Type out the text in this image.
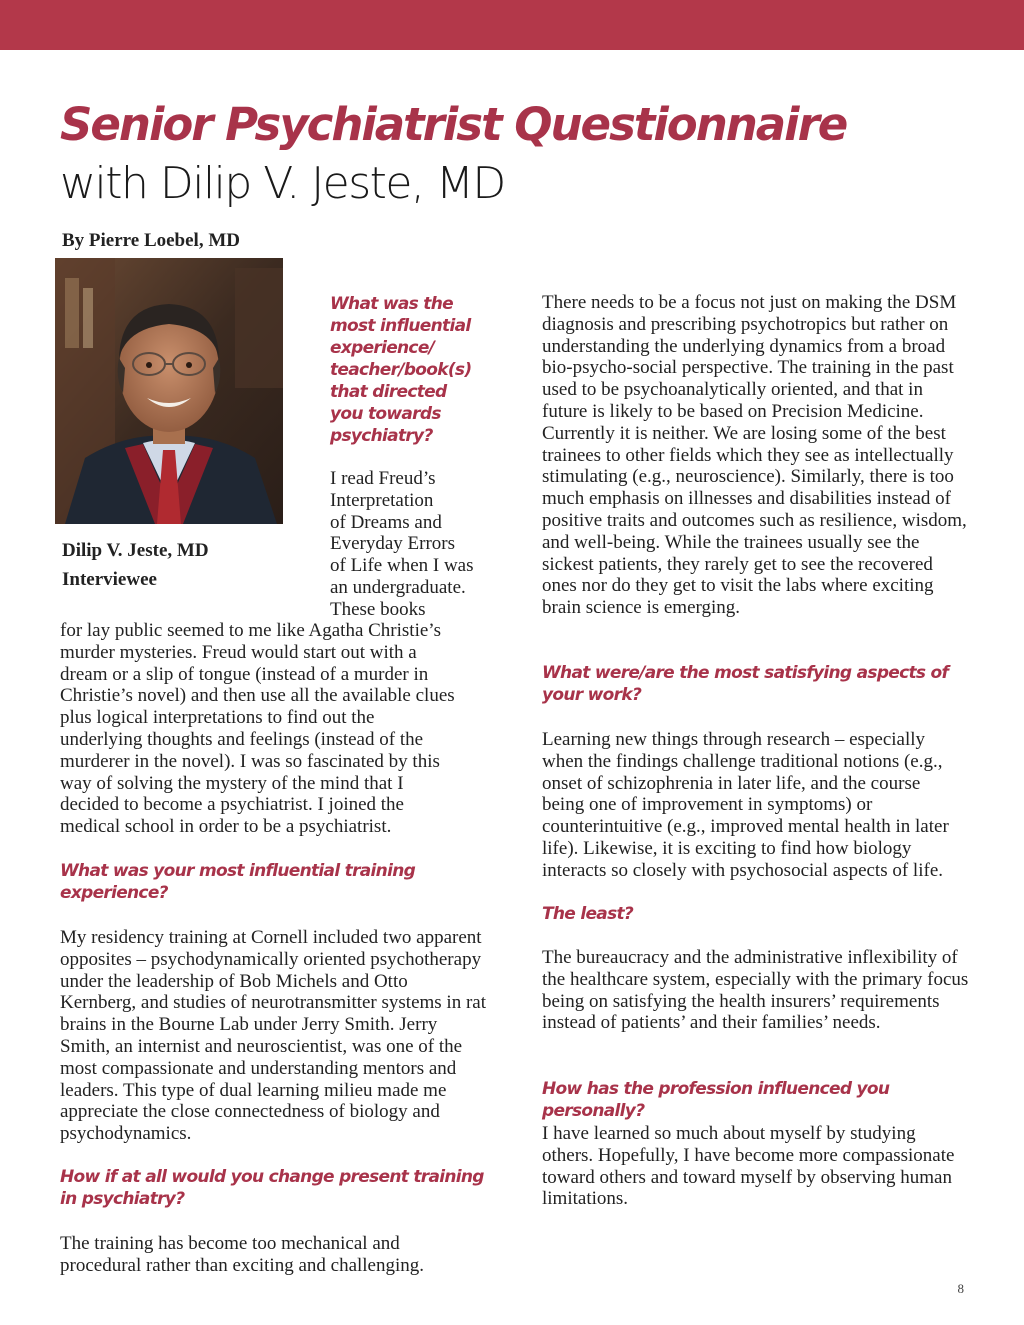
Senior Psychiatrist Questionnaire
with Dilip V. Jeste, MD

By Pierre Loebel, MD

Dilip V. Jeste, MD

Interviewee

What was the

most influential

experience/

teacher/book(s)

that directed

you towards

psychiatry?

I read Freud’s

Interpretation

of Dreams and

Everyday Errors

of Life when I was

an undergraduate.

These books

for lay public seemed to me like Agatha Christie’s murder mysteries. Freud would start out with a dream or a slip of tongue (instead of a murder in Christie’s novel) and then use all the available clues plus logical interpretations to find out the underlying thoughts and feelings (instead of the murderer in the novel). I was so fascinated by this way of solving the mystery of the mind that I decided to become a psychiatrist. I joined the medical school in order to be a psychiatrist.

What was your most influential training experience?

My residency training at Cornell included two apparent opposites – psychodynamically oriented psychotherapy under the leadership of Bob Michels and Otto Kernberg, and studies of neurotransmitter systems in rat brains in the Bourne Lab under Jerry Smith. Jerry Smith, an internist and neuroscientist, was one of the most compassionate and understanding mentors and leaders. This type of dual learning milieu made me appreciate the close connectedness of biology and psychodynamics.

How if at all would you change present training in psychiatry?

The training has become too mechanical and procedural rather than exciting and challenging.

There needs to be a focus not just on making the DSM diagnosis and prescribing psychotropics but rather on understanding the underlying dynamics from a broad bio-psycho-social perspective. The training in the past used to be psychoanalytically oriented, and that in future is likely to be based on Precision Medicine. Currently it is neither. We are losing some of the best trainees to other fields which they see as intellectually stimulating (e.g., neuroscience). Similarly, there is too much emphasis on illnesses and disabilities instead of positive traits and outcomes such as resilience, wisdom, and well-being. While the trainees usually see the sickest patients, they rarely get to see the recovered ones nor do they get to visit the labs where exciting brain science is emerging.

What were/are the most satisfying aspects of your work?

Learning new things through research – especially when the findings challenge traditional notions (e.g., onset of schizophrenia in later life, and the course being one of improvement in symptoms) or counterintuitive (e.g., improved mental health in later life). Likewise, it is exciting to find how biology interacts so closely with psychosocial aspects of life.

The least?

The bureaucracy and the administrative inflexibility of the healthcare system, especially with the primary focus being on satisfying the health insurers’ requirements instead of patients’ and their families’ needs.

How has the profession influenced you personally?

I have learned so much about myself by studying others. Hopefully, I have become more compassionate toward others and toward myself by observing human limitations.

8
